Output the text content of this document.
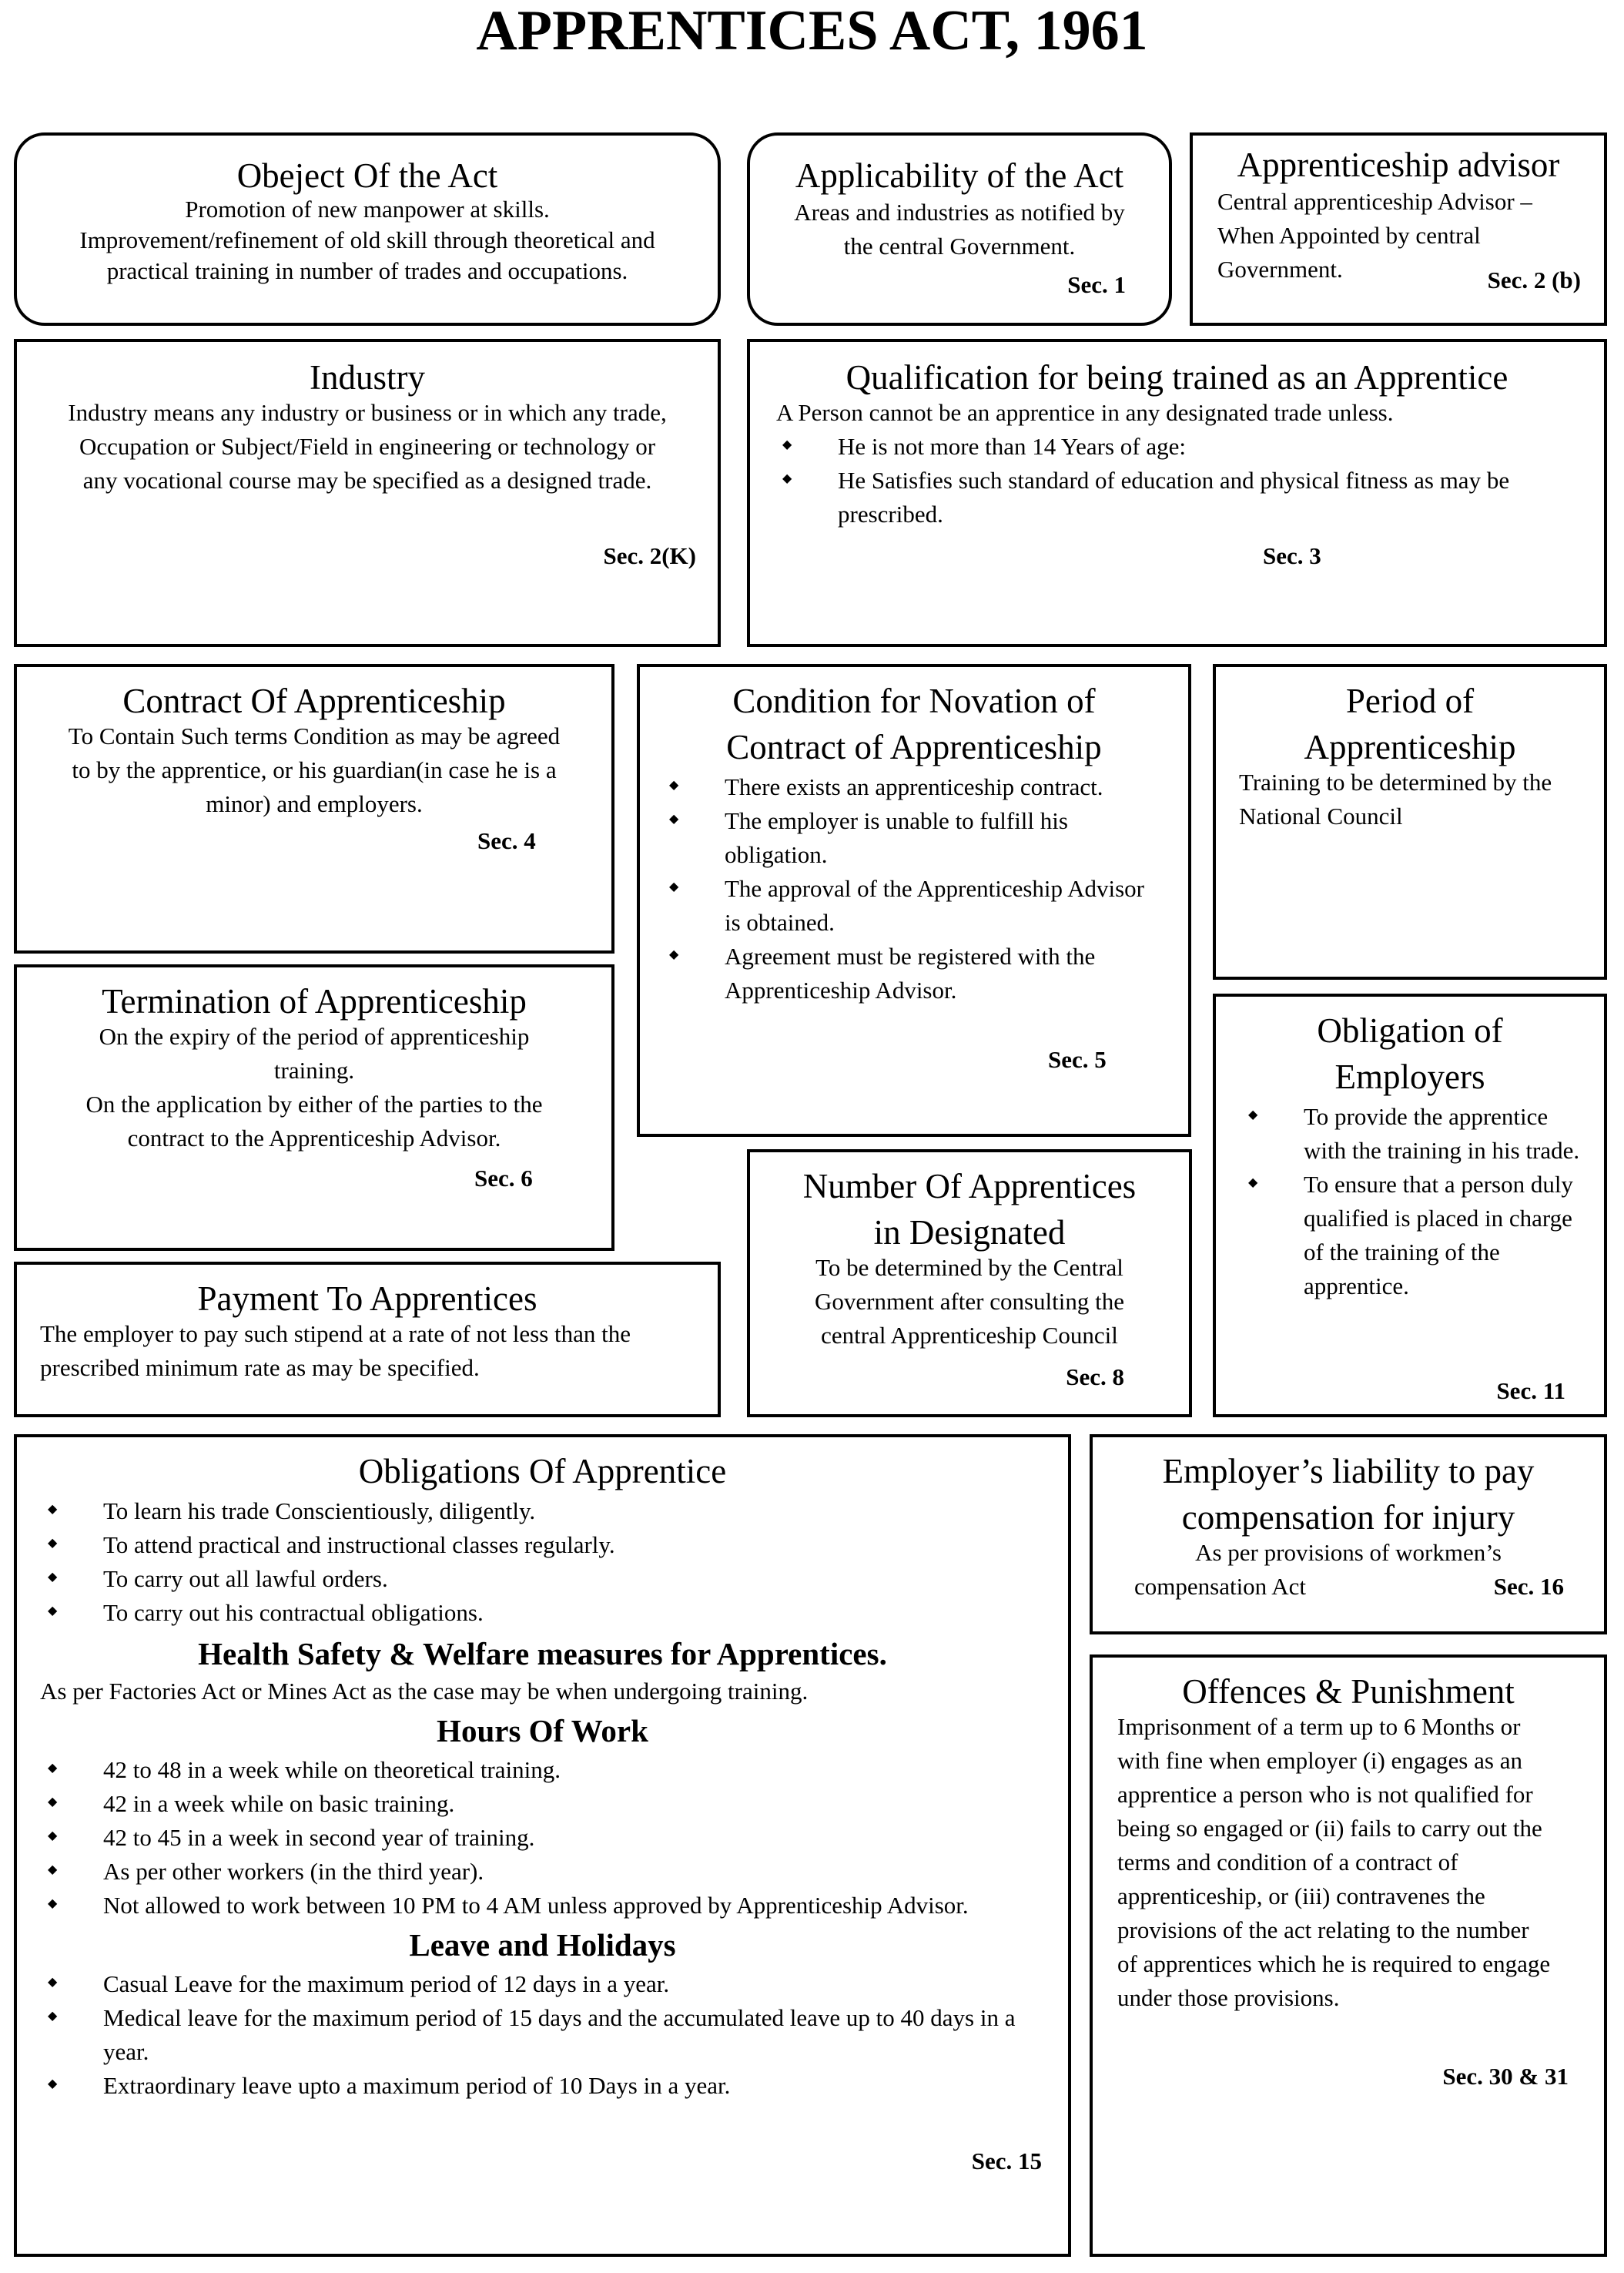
APPRENTICES ACT, 1961
Obeject Of the Act
Promotion of new manpower at skills.
Improvement/refinement of old skill through theoretical and
practical training in number of trades and occupations.
Applicability of the Act
Areas and industries as notified by
the central Government.
Sec. 1
Apprenticeship advisor
Central apprenticeship Advisor –
When Appointed by central
Government.	Sec. 2 (b)
Industry
Industry means any industry or business or in which any trade,
Occupation or Subject/Field in engineering or technology or
any vocational course may be specified as a designed trade.
Sec. 2(K)
Qualification for being trained as an Apprentice
A Person cannot be an apprentice in any designated trade unless.
◆ He is not more than 14 Years of age:
◆ He Satisfies such standard of education and physical fitness as may be prescribed.
Sec. 3
Contract Of Apprenticeship
To Contain Such terms Condition as may be agreed
to by the apprentice, or his guardian(in case he is a
minor) and employers.
Sec. 4
Condition for Novation of
Contract of Apprenticeship
◆ There exists an apprenticeship contract.
◆ The employer is unable to fulfill his obligation.
◆ The approval of the Apprenticeship Advisor is obtained.
◆ Agreement must be registered with the Apprenticeship Advisor.
Sec. 5
Period of
Apprenticeship
Training to be determined by the
National Council
Termination of Apprenticeship
On the expiry of the period of apprenticeship
training.
On the application by either of the parties to the
contract to the Apprenticeship Advisor.
Sec. 6
Obligation of
Employers
◆ To provide the apprentice with the training in his trade.
◆ To ensure that a person duly qualified is placed in charge of the training of the apprentice.
Sec. 11
Number Of Apprentices
in Designated
To be determined by the Central
Government after consulting the
central Apprenticeship Council
Sec. 8
Payment To Apprentices
The employer to pay such stipend at a rate of not less than the
prescribed minimum rate as may be specified.
Obligations Of Apprentice
◆ To learn his trade Conscientiously, diligently.
◆ To attend practical and instructional classes regularly.
◆ To carry out all lawful orders.
◆ To carry out his contractual obligations.
Health Safety & Welfare measures for Apprentices.
As per Factories Act or Mines Act as the case may be when undergoing training.
Hours Of Work
◆ 42 to 48 in a week while on theoretical training.
◆ 42 in a week while on basic training.
◆ 42 to 45 in a week in second year of training.
◆ As per other workers (in the third year).
◆ Not allowed to work between 10 PM to 4 AM unless approved by Apprenticeship Advisor.
Leave and Holidays
◆ Casual Leave for the maximum period of 12 days in a year.
◆ Medical leave for the maximum period of 15 days and the accumulated leave up to 40 days in a year.
◆ Extraordinary leave upto a maximum period of 10 Days in a year.
Sec. 15
Employer’s liability to pay
compensation for injury
As per provisions of workmen’s
compensation Act	Sec. 16
Offences & Punishment
Imprisonment of a term up to 6 Months or
with fine when employer (i) engages as an
apprentice a person who is not qualified for
being so engaged or (ii) fails to carry out the
terms and condition of a contract of
apprenticeship, or (iii) contravenes the
provisions of the act relating to the number
of apprentices which he is required to engage
under those provisions.
Sec. 30 & 31
